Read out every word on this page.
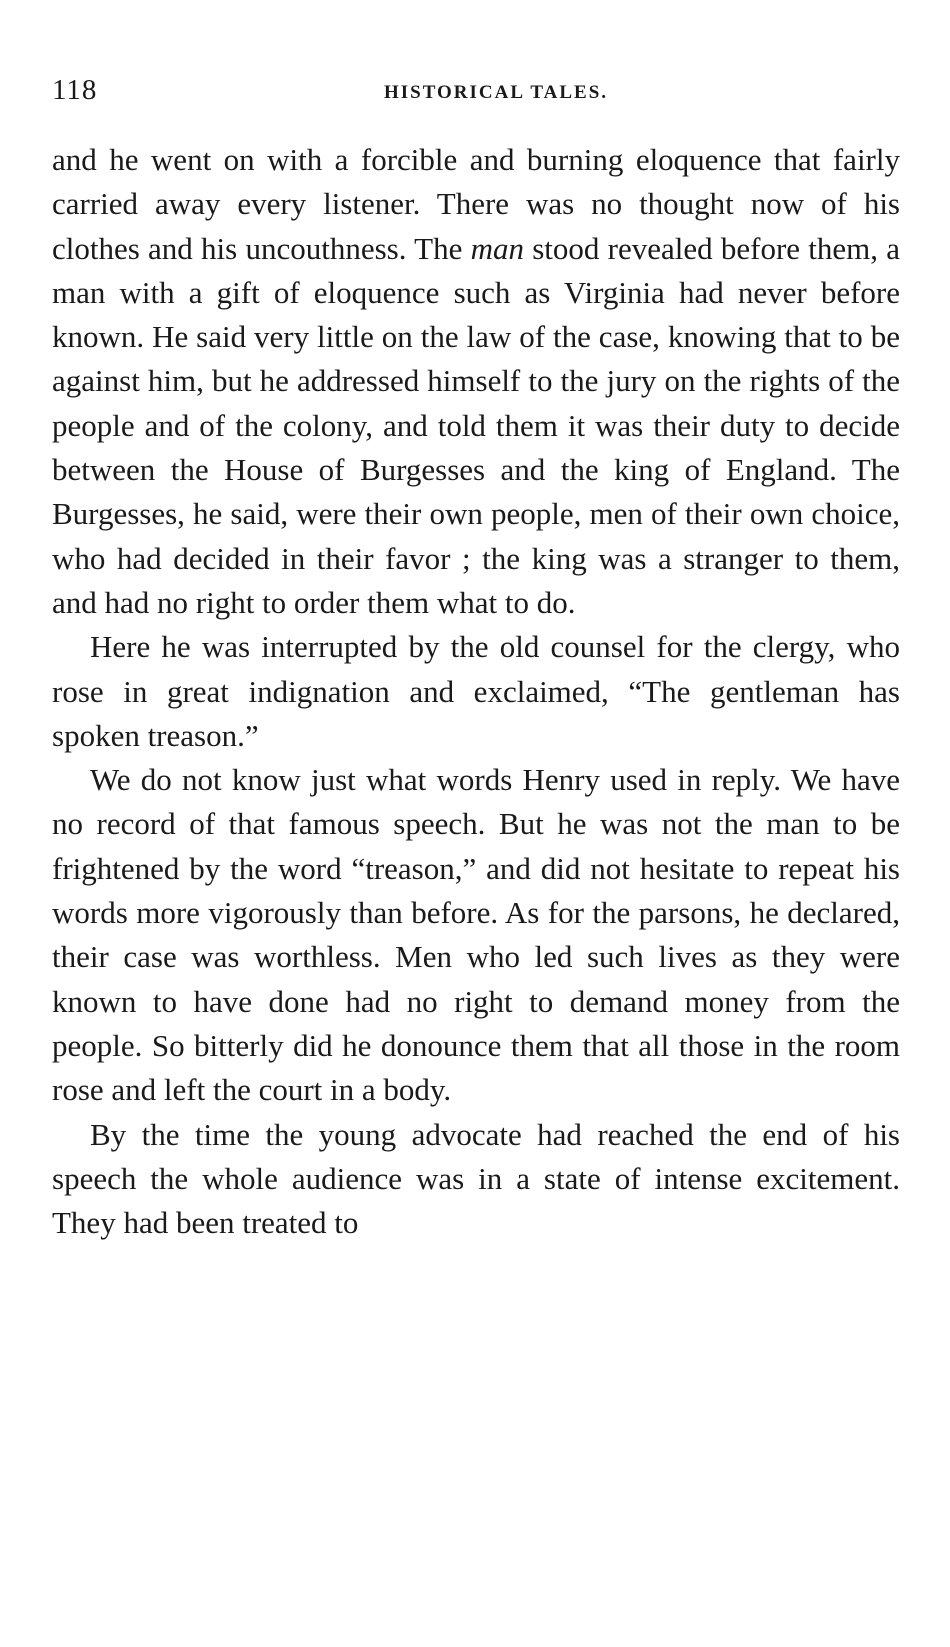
118	HISTORICAL TALES.

and he went on with a forcible and burning eloquence that fairly carried away every listener. There was no thought now of his clothes and his uncouthness. The man stood revealed before them, a man with a gift of eloquence such as Virginia had never before known. He said very little on the law of the case, knowing that to be against him, but he addressed himself to the jury on the rights of the people and of the colony, and told them it was their duty to decide between the House of Burgesses and the king of England. The Burgesses, he said, were their own people, men of their own choice, who had decided in their favor ; the king was a stranger to them, and had no right to order them what to do.

Here he was interrupted by the old counsel for the clergy, who rose in great indignation and exclaimed, “The gentleman has spoken treason.”

We do not know just what words Henry used in reply. We have no record of that famous speech. But he was not the man to be frightened by the word “treason,” and did not hesitate to repeat his words more vigorously than before. As for the parsons, he declared, their case was worthless. Men who led such lives as they were known to have done had no right to demand money from the people. So bitterly did he donounce them that all those in the room rose and left the court in a body.

By the time the young advocate had reached the end of his speech the whole audience was in a state of intense excitement. They had been treated to
